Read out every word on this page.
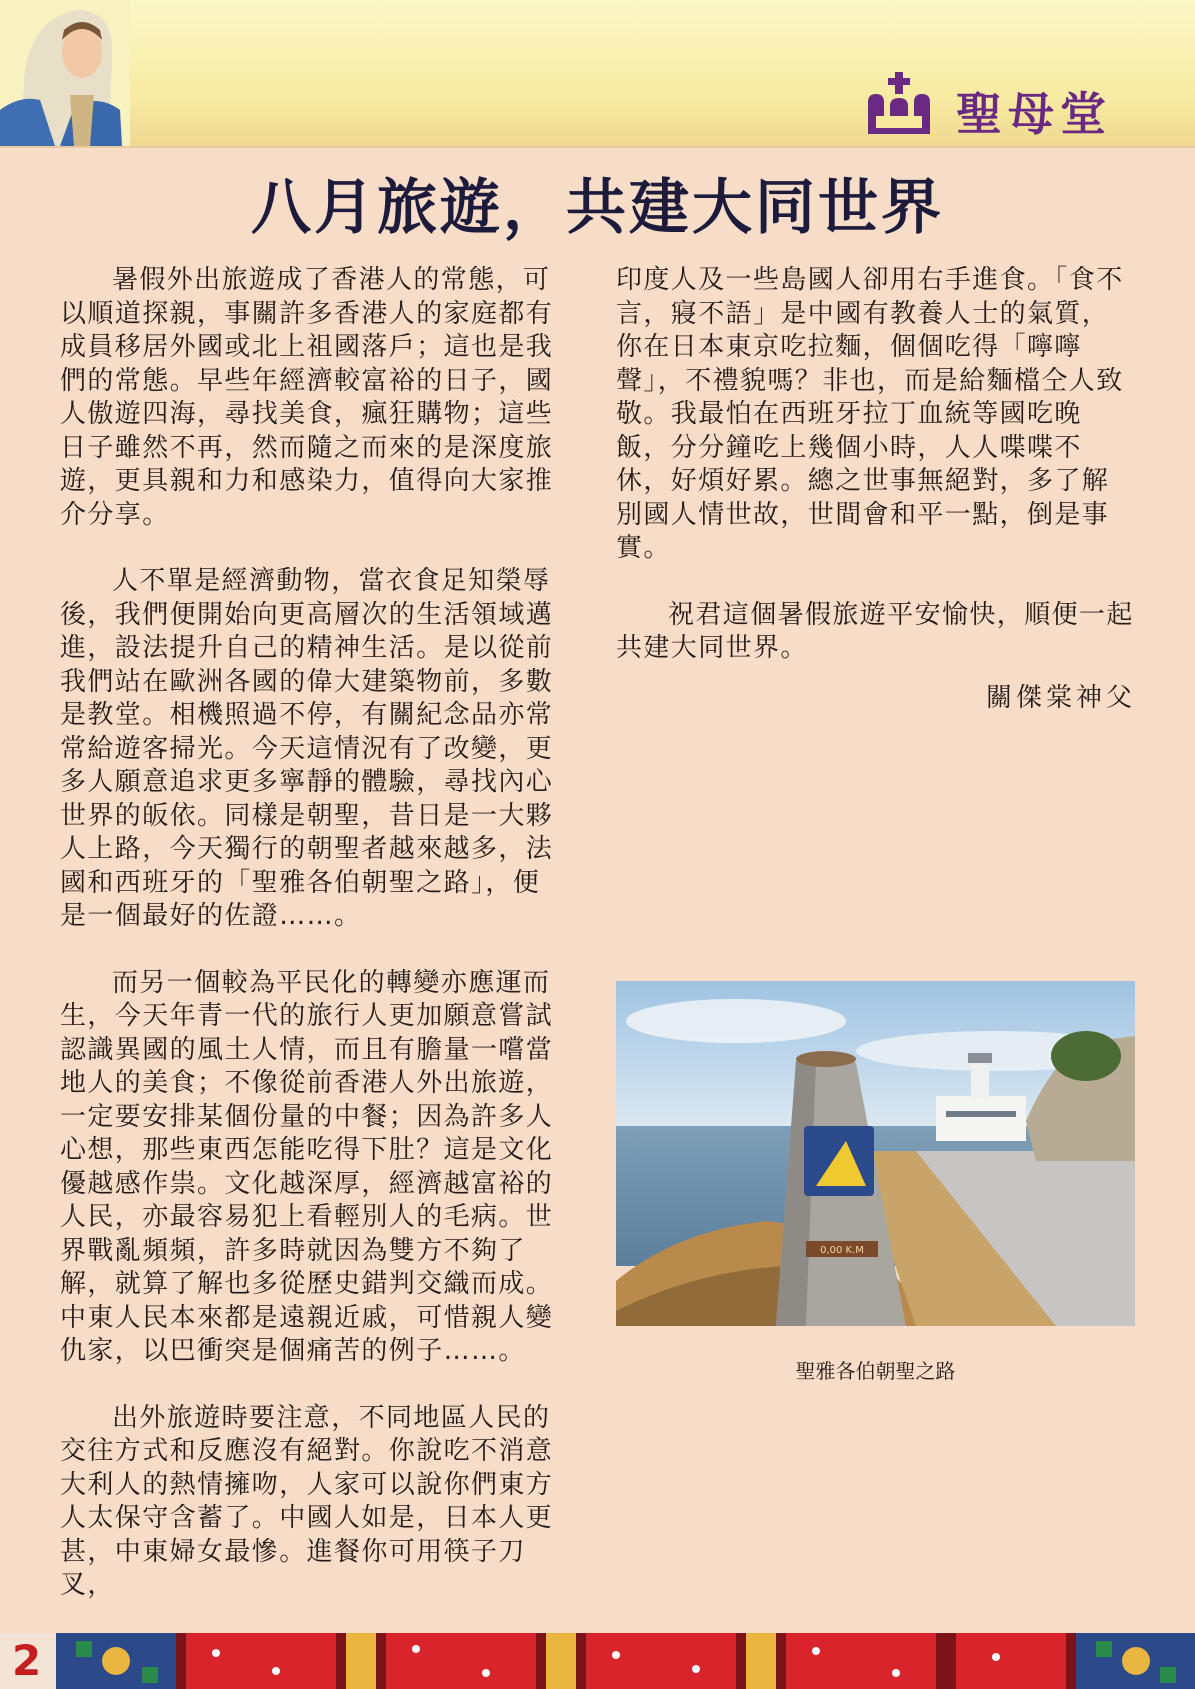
聖母堂
八月旅遊，共建大同世界

暑假外出旅遊成了香港人的常態，可以順道探親，事關許多香港人的家庭都有成員移居外國或北上祖國落戶；這也是我們的常態。早些年經濟較富裕的日子，國人傲遊四海，尋找美食，瘋狂購物；這些日子雖然不再，然而隨之而來的是深度旅遊，更具親和力和感染力，值得向大家推介分享。

人不單是經濟動物，當衣食足知榮辱後，我們便開始向更高層次的生活領域邁進，設法提升自己的精神生活。是以從前我們站在歐洲各國的偉大建築物前，多數是教堂。相機照過不停，有關紀念品亦常常給遊客掃光。今天這情況有了改變，更多人願意追求更多寧靜的體驗，尋找內心世界的皈依。同樣是朝聖，昔日是一大夥人上路，今天獨行的朝聖者越來越多，法國和西班牙的「聖雅各伯朝聖之路」，便是一個最好的佐證……。

而另一個較為平民化的轉變亦應運而生，今天年青一代的旅行人更加願意嘗試認識異國的風土人情，而且有膽量一嚐當地人的美食；不像從前香港人外出旅遊，一定要安排某個份量的中餐；因為許多人心想，那些東西怎能吃得下肚？這是文化優越感作祟。文化越深厚，經濟越富裕的人民，亦最容易犯上看輕別人的毛病。世界戰亂頻頻，許多時就因為雙方不夠了解，就算了解也多從歷史錯判交織而成。中東人民本來都是遠親近戚，可惜親人變仇家，以巴衝突是個痛苦的例子……。

出外旅遊時要注意，不同地區人民的交往方式和反應沒有絕對。你說吃不消意大利人的熱情擁吻，人家可以說你們東方人太保守含蓄了。中國人如是，日本人更甚，中東婦女最慘。進餐你可用筷子刀叉，

印度人及一些島國人卻用右手進食。「食不言，寢不語」是中國有教養人士的氣質，你在日本東京吃拉麵，個個吃得「嚀嚀聲」，不禮貌嗎？非也，而是給麵檔仝人致敬。我最怕在西班牙拉丁血統等國吃晚飯，分分鐘吃上幾個小時，人人喋喋不休，好煩好累。總之世事無絕對，多了解別國人情世故，世間會和平一點，倒是事實。

祝君這個暑假旅遊平安愉快，順便一起共建大同世界。

關傑棠神父
0,00 K.M
聖雅各伯朝聖之路
2
